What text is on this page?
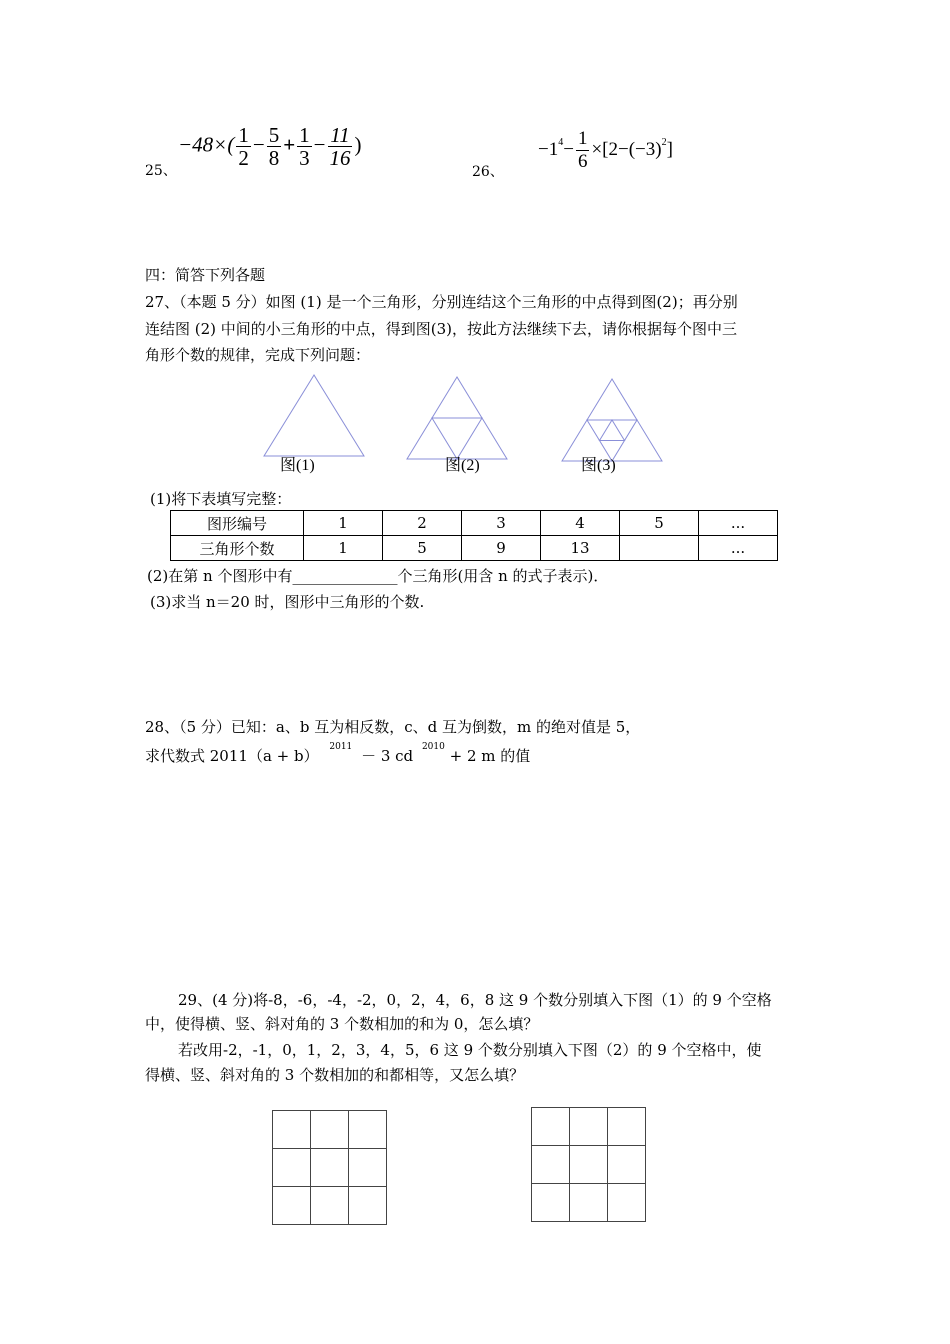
25、
$-48\times( \frac{1}{2} - \frac{5}{8} + \frac{1}{3} - \frac{11}{16}$ )
26、
$-1^4- \frac{1}{6} \times[2-(-3)^2]$
四：简答下列各题
27、（本题 5 分）如图 (1) 是一个三角形，分别连结这个三角形的中点得到图(2)；再分别
连结图 (2) 中间的小三角形的中点，得到图(3)，按此方法继续下去，请你根据每个图中三
角形个数的规律，完成下列问题：
图(1)	图(2)	图(3)
(1)将下表填写完整：
图形编号	1	2	3	4	5	...
三角形个数	1	5	9	13		...
(2)在第 n 个图形中有______________个三角形(用含 n 的式子表示)．
(3)求当 n＝20 时，图形中三角形的个数.
28、（5 分）已知：a、b 互为相反数，c、d 互为倒数，m 的绝对值是 5，
求代数式 2011（a + b） $^{2011}$ － 3 cd $^{2010}$ + 2 m 的值
29、(4 分)将-8，-6，-4，-2，0，2，4，6，8 这 9 个数分别填入下图（1）的 9 个空格
中，使得横、竖、斜对角的 3 个数相加的和为 0，怎么填？
若改用-2，-1，0，1，2，3，4，5，6 这 9 个数分别填入下图（2）的 9 个空格中，使
得横、竖、斜对角的 3 个数相加的和都相等，又怎么填？
